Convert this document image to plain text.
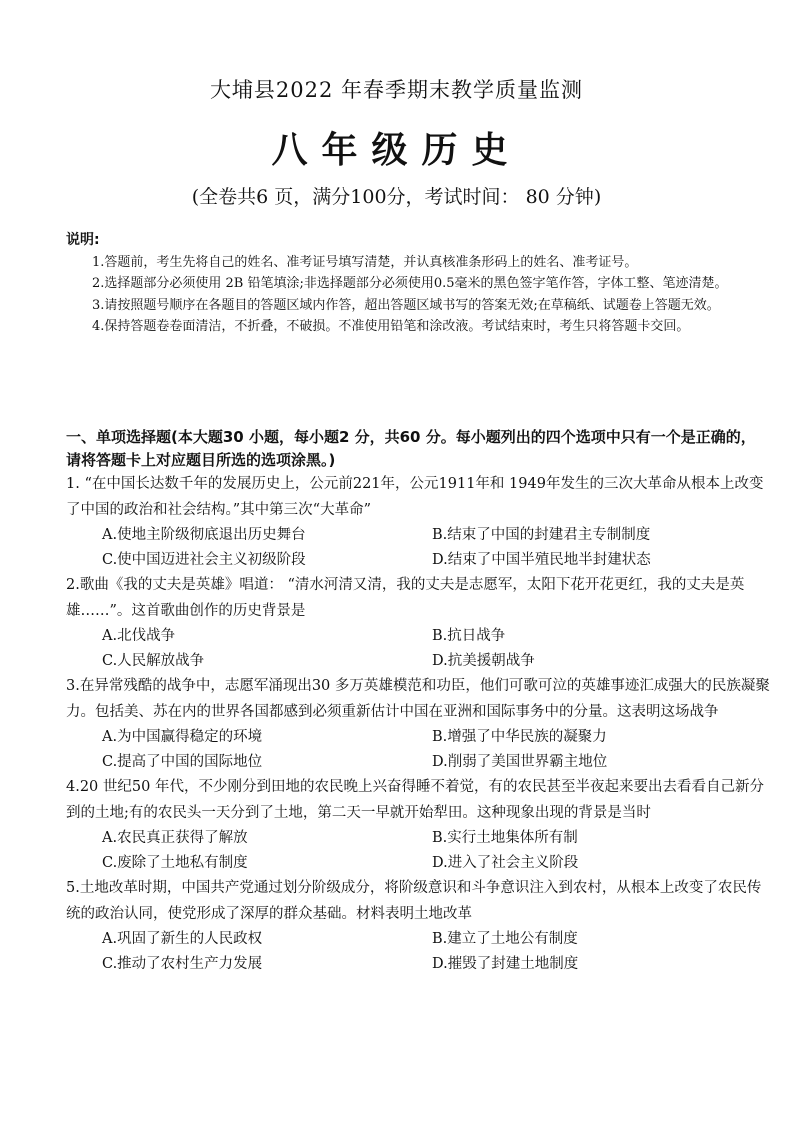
大埔县2022 年春季期末教学质量监测
八年级历史
(全卷共6 页，满分100分，考试时间： 80 分钟)
说明:

1.答题前，考生先将自己的姓名、准考证号填写清楚，并认真核准条形码上的姓名、准考证号。

2.选择题部分必须使用 2B 铅笔填涂;非选择题部分必须使用0.5毫米的黑色签字笔作答，字体工整、笔迹清楚。

3.请按照题号顺序在各题目的答题区域内作答，超出答题区域书写的答案无效;在草稿纸、试题卷上答题无效。

4.保持答题卷卷面清洁，不折叠，不破损。不准使用铅笔和涂改液。考试结束时，考生只将答题卡交回。

一、单项选择题(本大题30 小题，每小题2 分，共60 分。每小题列出的四个选项中只有一个是正确的，请将答题卡上对应题目所选的选项涂黑。)
1. “在中国长达数千年的发展历史上，公元前221年，公元1911年和 1949年发生的三次大革命从根本上改变了中国的政治和社会结构。”其中第三次“大革命”
A.使地主阶级彻底退出历史舞台	B.结束了中国的封建君主专制制度
C.使中国迈进社会主义初级阶段	D.结束了中国半殖民地半封建状态
2.歌曲《我的丈夫是英雄》唱道： “清水河清又清，我的丈夫是志愿军，太阳下花开花更红，我的丈夫是英雄……”。这首歌曲创作的历史背景是
A.北伐战争	B.抗日战争
C.人民解放战争	D.抗美援朝战争
3.在异常残酷的战争中，志愿军涌现出30 多万英雄模范和功臣，他们可歌可泣的英雄事迹汇成强大的民族凝聚力。包括美、苏在内的世界各国都感到必须重新估计中国在亚洲和国际事务中的分量。这表明这场战争
A.为中国赢得稳定的环境	B.增强了中华民族的凝聚力
C.提高了中国的国际地位	D.削弱了美国世界霸主地位
4.20 世纪50 年代，不少刚分到田地的农民晚上兴奋得睡不着觉，有的农民甚至半夜起来要出去看看自己新分到的土地;有的农民头一天分到了土地，第二天一早就开始犁田。这种现象出现的背景是当时
A.农民真正获得了解放	B.实行土地集体所有制
C.废除了土地私有制度	D.进入了社会主义阶段
5.土地改革时期，中国共产党通过划分阶级成分，将阶级意识和斗争意识注入到农村，从根本上改变了农民传统的政治认同，使党形成了深厚的群众基础。材料表明土地改革
A.巩固了新生的人民政权	B.建立了土地公有制度
C.推动了农村生产力发展	D.摧毁了封建土地制度
